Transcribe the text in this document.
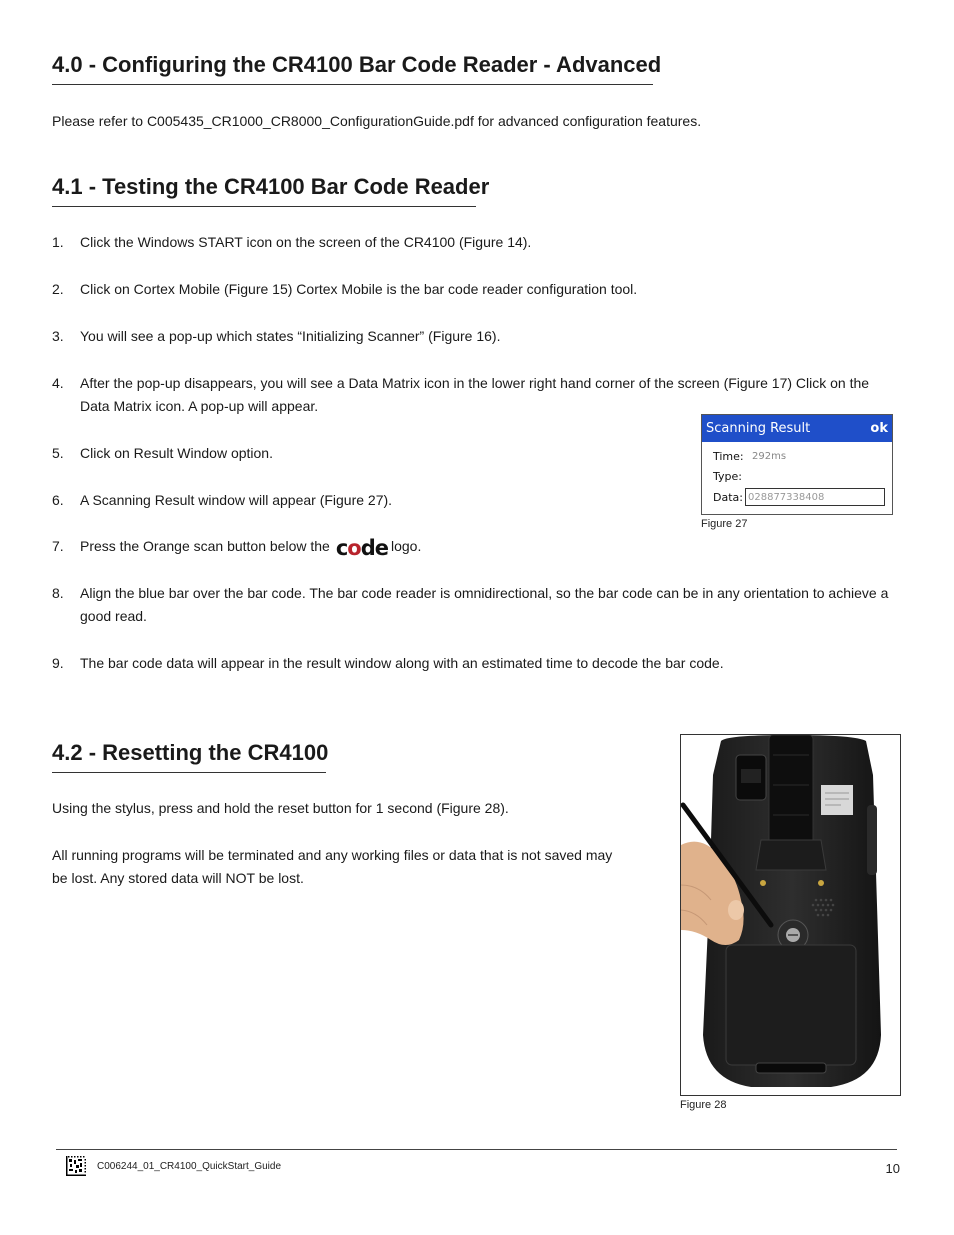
4.0 - Configuring the CR4100 Bar Code Reader - Advanced

Please refer to C005435_CR1000_CR8000_ConfigurationGuide.pdf for advanced configuration features.

4.1 - Testing the CR4100 Bar Code Reader
1.	Click the Windows START icon on the screen of the CR4100 (Figure 14).
2.	Click on Cortex Mobile (Figure 15) Cortex Mobile is the bar code reader configuration tool.
3.	You will see a pop-up which states “Initializing Scanner” (Figure 16).
4.	After the pop-up disappears, you will see a Data Matrix icon in the lower right hand corner of the screen (Figure 17) Click on the Data Matrix icon. A pop-up will appear.
5.	Click on Result Window option.
6.	A Scanning Result window will appear (Figure 27).
7.	Press the Orange scan button below the code logo.
8.	Align the blue bar over the bar code. The bar code reader is omnidirectional, so the bar code can be in any orientation to achieve a good read.
9.	The bar code data will appear in the result window along with an estimated time to decode the bar code.
Scanning Result	ok
Time: 292ms
Type:
Data: 028877338408
Figure 27
4.2 - Resetting the CR4100

Using the stylus, press and hold the reset button for 1 second (Figure 28).

All running programs will be terminated and any working files or data that is not saved may

be lost. Any stored data will NOT be lost.

Figure 28
C006244_01_CR4100_QuickStart_Guide	10
